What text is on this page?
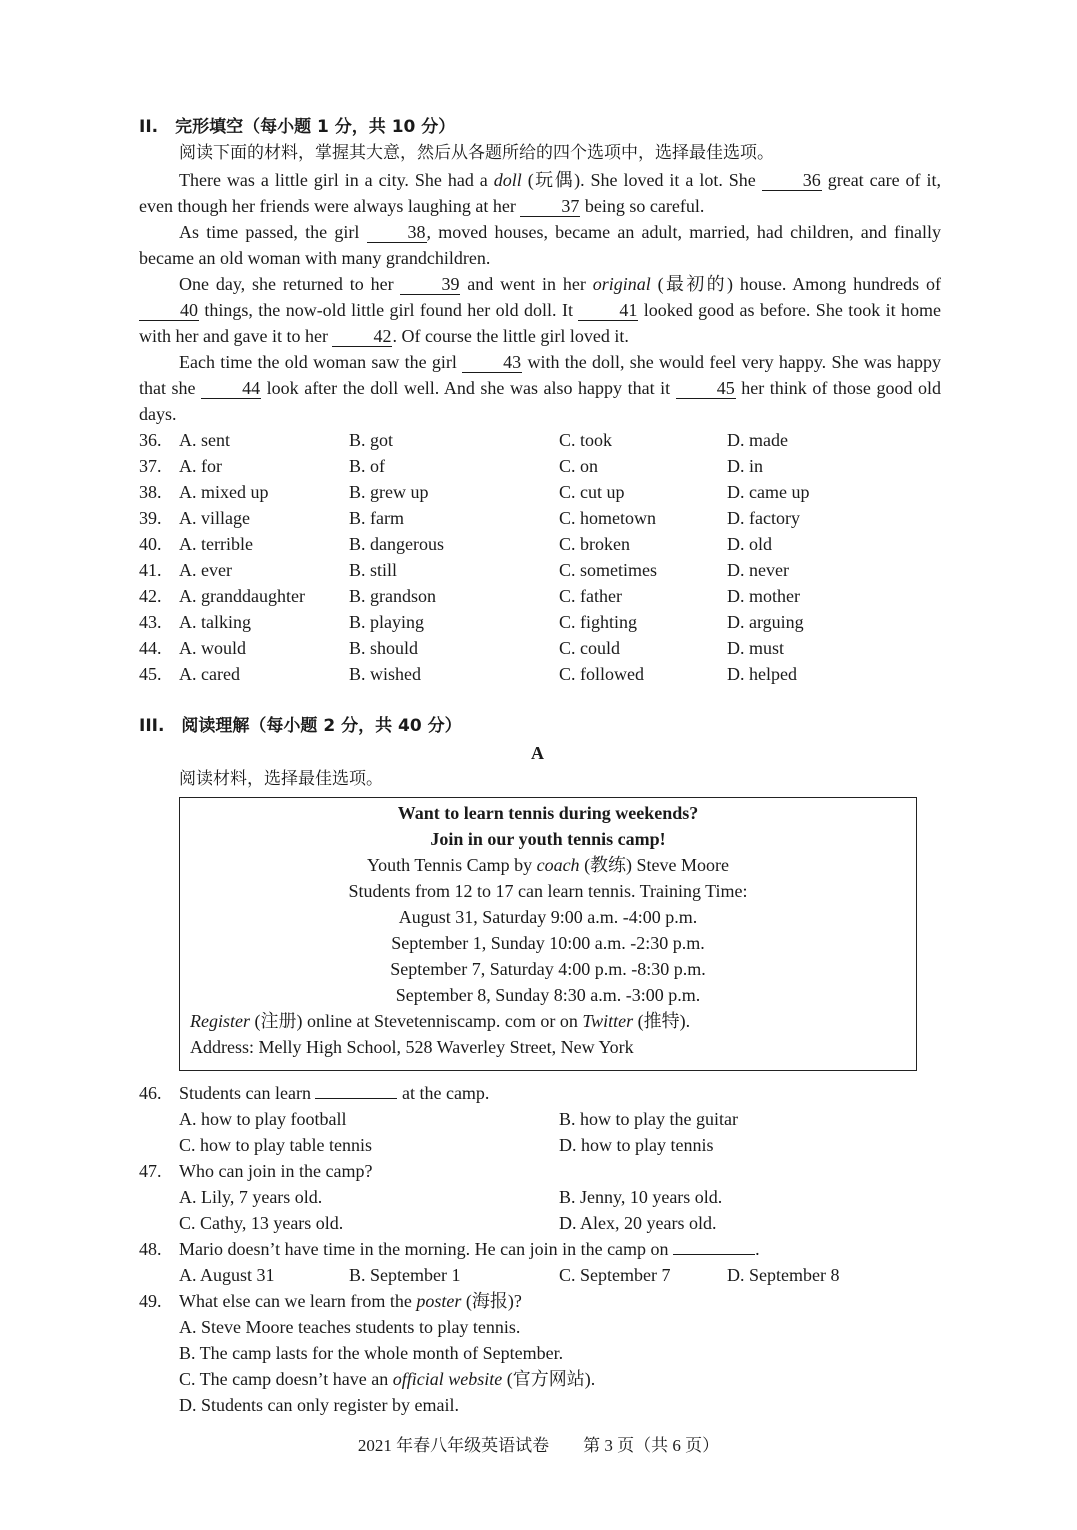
II.　完形填空（每小题 1 分，共 10 分）
阅读下面的材料，掌握其大意，然后从各题所给的四个选项中，选择最佳选项。
There was a little girl in a city. She had a doll (玩偶). She loved it a lot. She 36 great care of it, even though her friends were always laughing at her 37 being so careful.
As time passed, the girl 38, moved houses, became an adult, married, had children, and finally became an old woman with many grandchildren.
One day, she returned to her 39 and went in her original (最初的) house. Among hundreds of 40 things, the now-old little girl found her old doll. It 41 looked good as before. She took it home with her and gave it to her 42. Of course the little girl loved it.
Each time the old woman saw the girl 43 with the doll, she would feel very happy. She was happy that she 44 look after the doll well. And she was also happy that it 45 her think of those good old days.
36. A. sent	B. got	C. took	D. made
37. A. for	B. of	C. on	D. in
38. A. mixed up	B. grew up	C. cut up	D. came up
39. A. village	B. farm	C. hometown	D. factory
40. A. terrible	B. dangerous	C. broken	D. old
41. A. ever	B. still	C. sometimes	D. never
42. A. granddaughter B. grandson	C. father	D. mother
43. A. talking	B. playing	C. fighting	D. arguing
44. A. would	B. should	C. could	D. must
45. A. cared	B. wished	C. followed	D. helped
III.　阅读理解（每小题 2 分，共 40 分）
A
阅读材料，选择最佳选项。
Want to learn tennis during weekends?
Join in our youth tennis camp!
Youth Tennis Camp by coach (教练) Steve Moore
Students from 12 to 17 can learn tennis. Training Time:
August 31, Saturday 9:00 a.m. -4:00 p.m.
September 1, Sunday 10:00 a.m. -2:30 p.m.
September 7, Saturday 4:00 p.m. -8:30 p.m.
September 8, Sunday 8:30 a.m. -3:00 p.m.
Register (注册) online at Stevetenniscamp. com or on Twitter (推特).
Address: Melly High School, 528 Waverley Street, New York
46. Students can learn	at the camp.
A. how to play football	B. how to play the guitar
C. how to play table tennis	D. how to play tennis
47. Who can join in the camp?
A. Lily, 7 years old.	B. Jenny, 10 years old.
C. Cathy, 13 years old.	D. Alex, 20 years old.
48. Mario doesn’t have time in the morning. He can join in the camp on	.
A. August 31	B. September 1	C. September 7	D. September 8
49. What else can we learn from the poster (海报)?
A. Steve Moore teaches students to play tennis.
B. The camp lasts for the whole month of September.
C. The camp doesn’t have an official website (官方网站).
D. Students can only register by email.
2021 年春八年级英语试卷　　第 3 页（共 6 页）
